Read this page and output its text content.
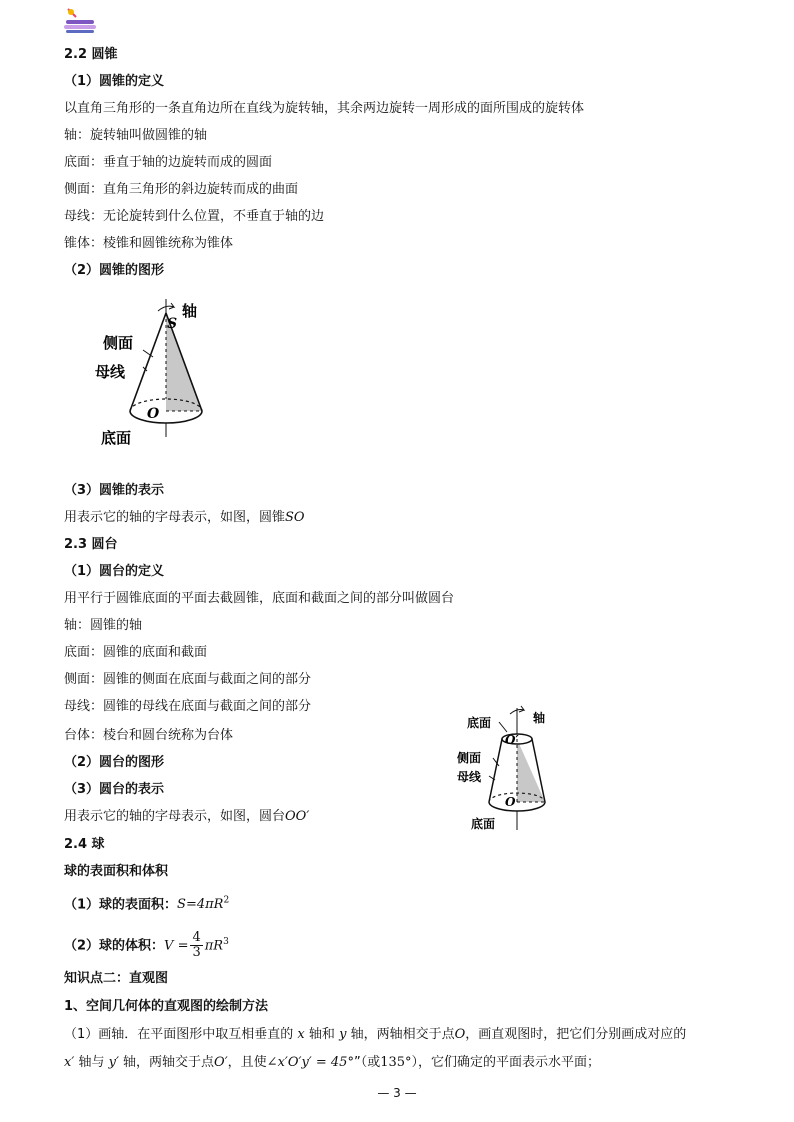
2.2 圆锥
（1）圆锥的定义
以直角三角形的一条直角边所在直线为旋转轴，其余两边旋转一周形成的面所围成的旋转体
轴：旋转轴叫做圆锥的轴
底面：垂直于轴的边旋转而成的圆面
侧面：直角三角形的斜边旋转而成的曲面
母线：无论旋转到什么位置，不垂直于轴的边
锥体：棱锥和圆锥统称为锥体
（2）圆锥的图形
轴
S
侧面
母线
O
底面
（3）圆锥的表示
用表示它的轴的字母表示，如图，圆锥SO
2.3 圆台
（1）圆台的定义
用平行于圆锥底面的平面去截圆锥，底面和截面之间的部分叫做圆台
轴：圆锥的轴
底面：圆锥的底面和截面
侧面：圆锥的侧面在底面与截面之间的部分
母线：圆锥的母线在底面与截面之间的部分
台体：棱台和圆台统称为台体
（2）圆台的图形
（3）圆台的表示
用表示它的轴的字母表示，如图，圆台OO′
底面	轴
O′
侧面
母线
O
底面
2.4 球
球的表面积和体积
（1）球的表面积：$S=4\pi R^2$
（2）球的体积：$V = \frac{4}{3} \pi R^3$
知识点二：直观图
1、空间几何体的直观图的绘制方法
（1）画轴．在平面图形中取互相垂直的 x 轴和 y 轴，两轴相交于点O，画直观图时，把它们分别画成对应的
x′ 轴与 y′ 轴，两轴交于点O′，且使∠x′O′y′ = 45°”（或135°），它们确定的平面表示水平面；
— 3 —
